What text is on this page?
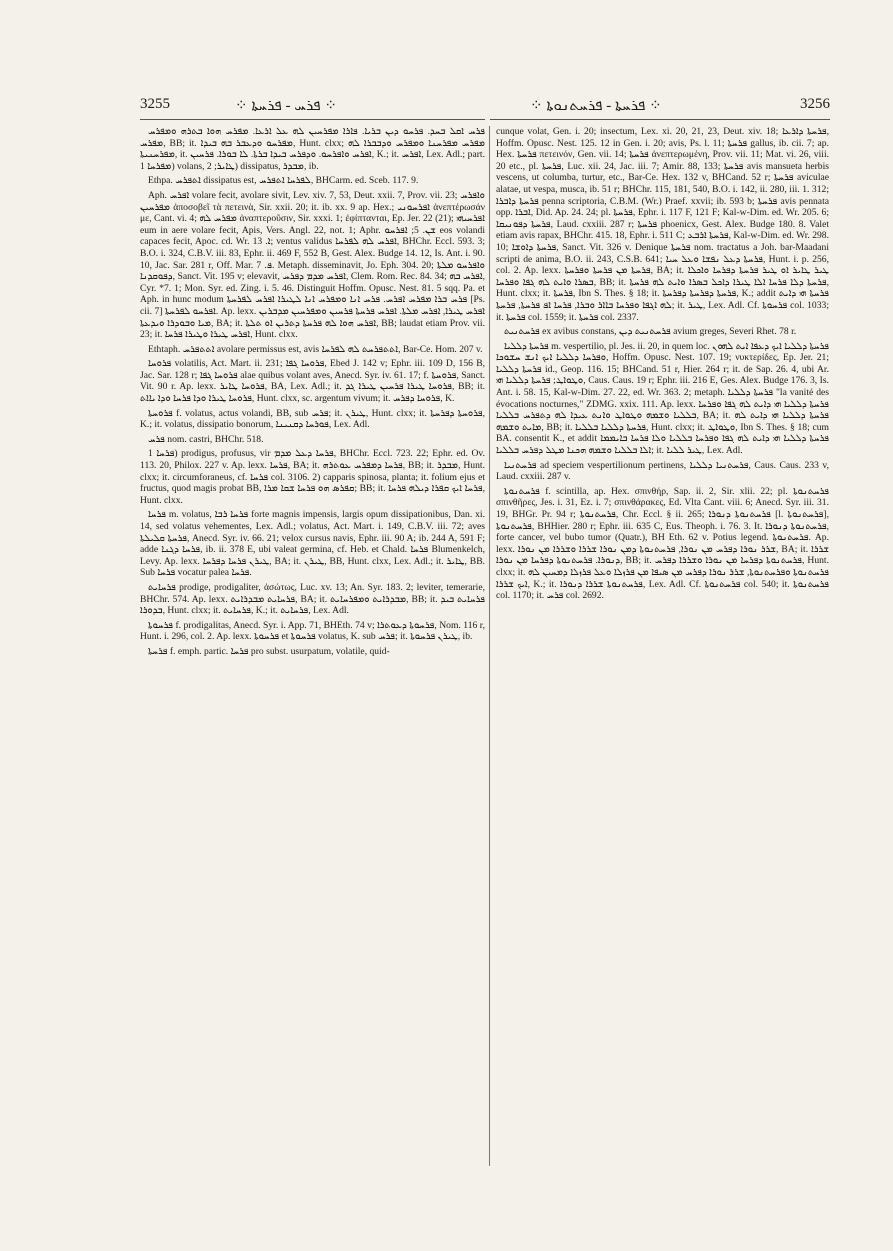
3255	⁘ ܦܪܚ - ܦܪܚܬܐ ⁘	⁘ ܦܪܚܬܐ - ܦܪܚܬܢܘܬܐ ⁘	3256

ܦܪܚ ܐܩܠ ܒܚܕ. ܦܪܚܘ ܕܝܢ ܒܪܝܐ. ܦܐܪܐ ܡܦܪܚܝܢ ܠܗ ܥܠ ܐܪܥܐ. ܡܦܪܚ ܗܘܐ ܒܬܪܗ ܘܡܦܪܚ ܡܦܪܚ, BB; it. ܡܦܪܚܘ ܘܕܥܒܪ ܒܗ ܒܝܕܐ, Hunt. clxx; ܡܦܪܚ ܡܦܪܚܢܐ ܘܡܦܪܚ ܘܕܒܒܪܐ ܠܗ ܡܦܪܚܢܝܬܐ, it. ܐܦܪܚ ܘܐܦܪܚܘ. ܘܕܦܪܚ ܒܝܕܐ ܒܪܬܐ. ܠܐ ܒܘܪܐ. ܦܪܚܝܢ, K.; it. ܐܦܪܚ, Lex. Adl.; part. ܡܦܪܚܐ 1) volans, ܛܐܝܪ; 2) dissipatus, ܡܒܕܪ, ib.

Ethpa. ܐܬܦܪܚ dissipatus est, ܠܦܪܚܐ ܐܬܦܪܚ, BHCarm. ed. Sceb. 117. 9.

Aph. ܐܦܪܚ volare fecit, avolare sivit, Lev. xiv. 7, 53, Deut. xxii. 7, Prov. vii. 23; ܘܐܦܪܚ ܡܦܪܚܝܢ ἀποσοβεῖ τὰ πετεινὰ, Sir. xxii. 20; it. ib. xx. 9 ap. Hex.; ܐܦܪܚܘܢܝ ἀνεπτέρωσάν με, Cant. vi. 4; ܡܦܪܚ ܠܗ ἀναπτεροῦσιν, Sir. xxxi. 1; ἐφίπτανται, Ep. Jer. 22 (21); ܐܦܪܚܝܗܝ eum in aere volare fecit, Apis, Vers. Angl. 22, not. 1; Aphr. ܫܢ. 5; ܐܦܪܚܘ eos volandi capaces fecit, Apoc. cd. Wr. ܐ. 13; ventus validus ܐܦܪܚ ܠܗ ܠܦܪܚܐ, BHChr. Eccl. 593. 3; B.O. i. 324, C.B.V. iii. 83, Ephr. ii. 469 F, 552 B, Gest. Alex. Budge 14. 12, Is. Ant. i. 90. 10, Jac. Sar. 281 r, Off. Mar. ܦ. 7. Metaph. disseminavit, Jo. Eph. 304. 20; ܘܐܦܪܚܘ ܡܠܬܐ ܕܦܘܩܕܢܐ, Sanct. Vit. 195 v; elevavit, ܐܦܪܚ ܡܕܡ ܕܦܪܚ, Clem. Rom. Rec. 84. 34; ܐܦܪܚ ܒܗ, Cyr. *7. 1; Mon. Syr. ed. Zing. i. 5. 46. Distinguit Hoffm. Opusc. Nest. 81. 5 sqq. Pa. et Aph. in hunc modum ܦܪܚ ܒܪܐ ܡܦܪܚ ܐܦܪܚ. ܦܪܚ ܐܢܐ ܘܡܦܪܚ ܐܢܐ ܠܛܝܪܐ ܐܦܪܚ ܠܦܪܚܬܐ [Ps. cii. 7] ܐܦܪܚܘ ܠܦܪܚܬܐ. Ap. lexx. ܐܦܪܚ ܛܝܪܐ, ܐܦܪܚ ܡܠܬܐ. ܐܦܪܚ ܦܪܚܬܐ ܦܪܚܝܢ ܘܡܦܪܚܝܢ ܡܕܒܪܝܢ ܡܝܐ ܘܒܘܕܪܐ ܘܝܕܥܬܐ, BA; it. ܐܦܪܚ ܗܘܐ ܠܗ ܦܪܚܬܐ ܕܬܪܝܢ ܐܘ ܬܠܬܐ, BB; laudat etiam Prov. vii. 23; it. ܐܦܪܚ ܛܝܪܐ ܘܛܝܪܐ ܦܪܚܐ, Hunt. clxx.

Ethtaph. ܐܬܬܦܪܚ avolare permissus est, avis ܐܬܬܦܪܚܬ ܠܗ ܠܦܪܚܐ, Bar-Ce. Hom. 207 v.

ܦܪܘܚܐ volatilis, Act. Mart. ii. 231; ܦܪܘܚܐ ܓܦܐ, Ebed J. 142 v; Ephr. iii. 109 D, 156 B, Jac. Sar. 128 r; ܦܪܘܚܐ ܓܦܐ alae quibus volant aves, Anecd. Syr. iv. 61. 17; f. ܦܪܘܚܬܐ, Sanct. Vit. 90 r. Ap. lexx. ܦܪܘܚܐ ܛܐܝܪ, BA, Lex. Adl.; it. ܦܪܘܚܐ ܛܝܪܐ ܦܪܚܝܢ ܛܝܪܐ ܓܕ, BB; it. ܦܪܘܚܐ ܛܝܪܐ ܘܕܐ ܦܪܚܐ ܘܕܐ ܝܐܐܬ, Hunt. clxx, sc. argentum vivum; it. ܦܪܘܚܐ ܕܦܪܚ, K.

ܦܪܘܚܬܐ f. volatus, actus volandi, BB, sub ܦܪܚ; it. ܛܝܪܢ, Hunt. clxx; it. ܦܪܘܚܬܐ ܕܦܪܚܬܐ, K.; it. volatus, dissipatio bonorum, ܦܘܪܚܐ ܕܩܢܝܢܐ, Lex. Adl.

ܦܪܚ nom. castri, BHChr. 518.

ܦܪܚܐ 1) prodigus, profusus, vir ܦܪܚܐ ܕܥܠ ܡܕܡ, BHChr. Eccl. 723. 22; Ephr. ed. Ov. 113. 20, Philox. 227 v. Ap. lexx. ܦܪܚܐ, BA; it. ܦܪܚܐ ܕܡܦܪܚ ܥܘܬܪܗ, BB; it. ܡܒܕܪ, Hunt. clxx; it. circumforaneus, cf. ܦܪܚܐ col. 3106. 2) capparis spinosa, planta; it. folium ejus et fructus, quod magis probat BB, ܩܦܪܣ ܗܘ ܦܪܚܐ ܫܩܐ ܡܪܐ; BB; it. ܦܪܚܐ ܐܝܟ ܩܦܪܐ ܕܝܠܗ ܦܪܚܐ, Hunt. clxx.

ܦܪܚܐ m. volatus, ܦܪܚܐ ܪܒܐ forte magnis impensis, largis opum dissipationibus, Dan. xi. 14, sed volatus vehementes, Lex. Adl.; volatus, Act. Mart. i. 149, C.B.V. iii. 72; aves ܦܪܚܬܐ ܩܠܝܠܬܐ, Anecd. Syr. iv. 66. 21; velox cursus navis, Ephr. iii. 90 A; ib. 244 A, 591 F; adde ܦܪܚܐ ܕܓܢܐ, ib. ii. 378 E, ubi valeat germina, cf. Heb. et Chald. ܦܪܚܐ Blumenkelch, Levy. Ap. lexx. ܛܝܪܢ ܦܪܚܐ ܕܦܪܚܐ, BA; it. ܛܝܪܢ, BB, Hunt. clxx, Lex. Adl.; it. ܛܐܝܪ, BB. Sub ܦܪܚܐ vocatur palea ܦܪܚܐ.

ܦܪܚܐܝܬ prodige, prodigaliter, ἀσώτως, Luc. xv. 13; An. Syr. 183. 2; leviter, temerarie, BHChr. 574. Ap. lexx. ܦܪܚܐܝܬ ܡܒܕܪܐܝܬ, BA; it. ܡܒܕܪܐܝܬ ܘܡܦܪܚܐܝܬ, BB; it. ܦܪܚܐܝܬ ܒܝܕ ܒܕܘܪܐ, Hunt. clxx; it. ܦܪܚܐܝܬ, K.; it. ܦܪܚܐܝܬ, Lex. Adl.

ܦܪܚܘܬܐ f. prodigalitas, Anecd. Syr. i. App. 71, BHEth. 74 v; ܦܪܚܘܬܐ ܕܥܘܬܪܐ, Nom. 116 r, Hunt. i. 296, col. 2. Ap. lexx. ܦܪܚܘܬܐ et ܦܪܚܘܬܐ volatus, K. sub ܦܪܚ; it. ܛܝܪܢ ܦܪܚܘܬܐ, ib.

ܦܪܚܬܐ f. emph. partic. ܦܪܚܐ pro subst. usurpatum, volatile, quid-

cunque volat, Gen. i. 20; insectum, Lex. xi. 20, 21, 23, Deut. xiv. 18; ܦܪܚܬܐ ܕܐܪܥܐ, Hoffm. Opusc. Nest. 125. 12 in Gen. i. 20; avis, Ps. l. 11; ܦܪܚܬܐ gallus, ib. cii. 7; ap. Hex. ܦܪܚܬܐ πετεινόν, Gen. vii. 14; ܦܪܚܬܐ ἀνεπτερωμένη, Prov. vii. 11; Mat. vi. 26, viii. 20 etc., pl. ܦܪܚܬܐ, Luc. xii. 24, Jac. iii. 7; Amir. 88, 133; ܦܪܚܬܐ avis mansueta herbis vescens, ut columba, turtur, etc., Bar-Ce. Hex. 132 v, BHCand. 52 r; ܦܪܚܬܐ aviculae alatae, ut vespa, musca, ib. 51 r; BHChr. 115, 181, 540, B.O. i. 142, ii. 280, iii. 1. 312; ܦܪܚܬܐ ܕܐܒܪܐ penna scriptoria, C.B.M. (Wr.) Praef. xxvii; ib. 593 b; ܦܪܚܬܐ avis pennata opp. ܐܒܪܐ, Did. Ap. 24. 24; pl. ܦܪܚܬܐ, Ephr. i. 117 F, 121 F; Kal-w-Dim. ed. Wr. 205. 6; ܦܪܚܬܐ ܕܦܘܢܝܩܐ, Laud. cxxiii. 287 r; ܦܪܚܬܐ phoenicx, Gest. Alex. Budge 180. 8. Valet etiam avis rapax, BHChr. 415. 18, Ephr. i. 511 C; ܦܪܚܬܐ ܐܪܒܥ, Kal-w-Dim. ed. Wr. 298. 10; ܦܪܚܬܐ ܕܐܘܫܐ, Sanct. Vit. 326 v. Denique ܦܪܚܬܐ nom. tractatus a Joh. bar-Maadani scripti de anima, B.O. ii. 243, C.S.B. 641; ܦܪܚܬܐ ܕܥܠ ܢܦܫܐ ܘܥܠ ܚܝܐ, Hunt. i. p. 256, col. 2. Ap. lexx. ܦܪܚܬܐ ܡܢ ܦܪܚܬܐ ܘܦܪܚܬܐ, BA; it. ܛܝܪ ܛܐܝܪ ܐܘ ܛܝܪ ܦܪܚܬܐ ܕܦܪܚܐ ܘܐܟܠܐ ܒܣܪܐ ܘܐܝܬ ܠܗ ܓܦܐ ܘܦܪܚܐ, BB; it. ܦܪܚܬܐ ܕܠܐ ܦܪܚܐ ܐܠܐ ܛܝܪܐ ܕܐܟܠ ܒܣܪܐ ܘܐܝܬ ܠܗ ܦܪܚܬܐ, Hunt. clxx; it. ܦܪܚܬܐ, Ibn S. Thes. § 18; it. ܦܪܚܬܐ ܕܦܪܚܬܐ ܕܦܪܚܬܐ, K.; addit ܦܪܚܬܐ ܗܝ ܕܐܝܬ ܠܗ ܐܓܦܐ ܘܦܪܚܐ ܒܐܐܪ ܘܒܪܐ, ܦܪܚܐ ܐܦ ܦܪܚܬܐ, ܦܪܚܬܐ; it. ܛܝܪ, Lex. Adl. Cf. ܦܪܚܘܬܐ col. 1033; it. ܦܪܚܬܐ col. 1559; it. ܦܪܚܬܐ col. 2337.

ܦܪܚܬܢܝܬ ex avibus constans, ܦܪܚܬܢܝܬ ܕܝܢ avium greges, Severi Rhet. 78 r.

ܦܪܚܬܐ ܕܠܠܝܐ m. vespertilio, pl. Jes. ii. 20, in quem loc. ܦܪܚܬܐ ܕܠܠܝܐ ܐܝܟ ܕܥܦܐ ܐܝܬ ܠܗܘܢ ܘܦܪܚܐ ܕܠܠܝܐ ܐܝܟ ܐܢܫ ܚܫܘܟܐ, Hoffm. Opusc. Nest. 107. 19; νυκτερίδες, Ep. Jer. 21; ܦܪܚܬܐ ܕܠܠܝܐ id., Geop. 116. 15; BHCand. 51 r, Hier. 264 r; it. de Sap. 26. 4, ubi Ar. ܘܛܘܐܛ; ܦܪܚܬܐ ܕܠܠܝܐ ܗܝ, Caus. Caus. 19 r; Ephr. iii. 216 E, Ges. Alex. Budge 176. 3, Is. Ant. i. 58. 15, Kal-w-Dim. 27. 22, ed. Wr. 363. 2; metaph. ܦܪܚܬܐ ܕܠܠܝܐ "la vanité des évocations nocturnes," ZDMG. xxix. 111. Ap. lexx. ܦܪܚܬܐ ܕܠܠܝܐ ܗܝ ܕܐܝܬ ܠܗ ܓܦܐ ܘܦܪܚܐ ܒܠܠܝܐ ܘܫܡܗ ܘܛܘܐܛ ܘܐܢܬ ܥܝܕܐ ܠܗ ܕܬܦܪܚ ܒܠܠܝܐ, BA; it. ܦܪܚܬܐ ܕܠܠܝܐ ܗܝ ܕܐܝܬ ܠܗ ܡܐܝܬ ܘܫܡܗ, BB; it. ܦܪܚܬܐ ܕܠܠܝܐ ܒܠܠܝܐ, Hunt. clxx; it. ܘܛܘܐܛ, Ibn S. Thes. § 18; cum BA. consentit K., et addit ܦܪܚܬܐ ܕܠܠܝܐ ܗܝ ܕܐܝܬ ܠܗ ܓܦܐ ܘܦܪܚܐ ܒܠܠܝܐ ܘܠܐ ܦܪܚܐ ܒܐܝܡܡܐ ܐܠܐ ܒܠܠܝܐ ܘܫܡܗ ܗܟܢܐ ܡܛܠ ܕܦܪܚ ܒܠܠܝܐ; it. ܛܝܪ ܠܠܝܐ, Lex. Adl.

ܦܪܚܬܢܝܐ ad speciem vespertilionum pertinens, ܦܪܚܬܢܝܐ ܕܠܠܝܐ, Caus. Caus. 233 v, Laud. cxxiii. 287 v.

ܦܪܚܬܢܘܬܐ f. scintilla, ap. Hex. σπινθήρ, Sap. ii. 2, Sir. xlii. 22; pl. ܦܪܚܬܢܘܬܐ σπινθῆρες, Jes. i. 31, Ez. i. 7; σπινθάρακες, Ed. Vlta Cant. viii. 6; Anecd. Syr. iii. 31. 19, BHGr. Pr. 94 r; ܦܪܚܬܢܘܬܐ, Chr. Eccl. § ii. 265; ܦܪܚܬܢܘܬܐ ܕܢܘܪܐ [l. ܦܪܚܬܢܘܬܐ], ܦܪܚܬܢܘܬܐ, BHHier. 280 r; Ephr. iii. 635 C, Eus. Theoph. i. 76. 3. It. ܦܪܚܬܢܘܬܐ ܕܢܘܪܐ, forte cancer, vel bubo tumor (Quatr.), BH Eth. 62 v. Potius legend. ܦܪܚܬܢܘܬܐ. Ap. lexx. ܫܪܪ ܢܘܪܐ ܕܦܪܚ ܡܢ ܢܘܪܐ, ܦܪܚܬܢܘܬܐ ܕܡܢ ܢܘܪܐ ܫܪܪܐ ܘܫܪܪܐ ܡܢ ܢܘܪܐ, BA; it. ܫܪܪܐ ܕܢܘܪܐ. ܦܪܚܬܢܘܬܐ ܕܦܪܚܐ ܡܢ ܢܘܪܐ, BB; it. ܦܪܚܬܢܘܬܐ ܕܦܪܚܐ ܡܢ ܢܘܪܐ ܘܫܪܪܐ ܕܦܪܚ, Hunt. clxx; it. ܦܪܚܬܢܘܬܐ ܘܦܪܚܬܢܘܬܐ, ܫܪܪ ܢܘܪܐ ܕܦܪܚ ܡܢ ܣܝܦܐ ܡܢ ܦܪܙܠܐ ܘܥܠ ܦܪܙܠܐ ܕܡܚܝܢ ܠܗ ܐܝܟ ܫܪܪܐ, K.; it. ܦܪܚܬܢܘܬܐ ܫܪܪܐ ܕܢܘܪܐ, Lex. Adl. Cf. ܦܪܚܬܢܘܬܐ col. 540; it. ܦܪܚܬܢܘܬܐ col. 1170; it. ܦܪܚ col. 2692.
